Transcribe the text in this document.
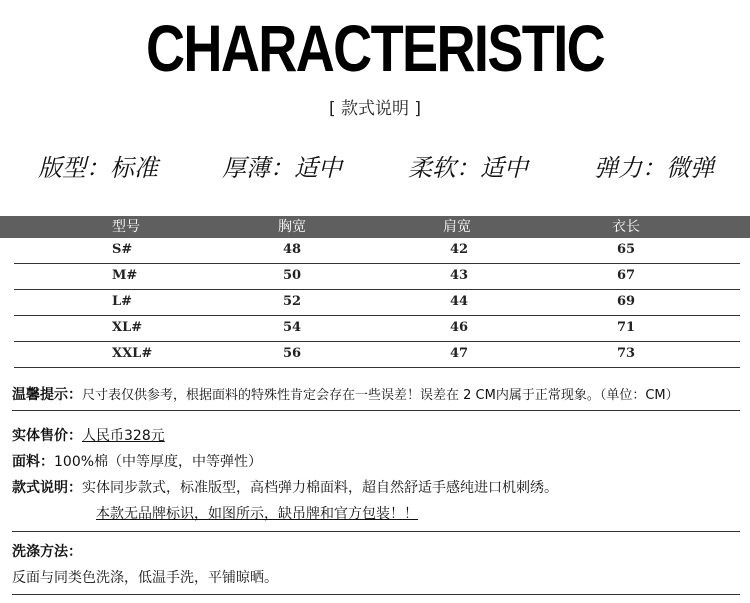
CHARACTERISTIC
[ 款式说明 ]
版型：标准	厚薄：适中	柔软：适中	弹力：微弹
型号	胸宽	肩宽	衣长
S#	48	42	65
M#	50	43	67
L#	52	44	69
XL#	54	46	71
XXL#	56	47	73
温馨提示：尺寸表仅供参考，根据面料的特殊性肯定会存在一些误差！误差在 2 CM内属于正常现象。（单位：CM）
实体售价：人民币328元
面料：100%棉（中等厚度，中等弹性）
款式说明：实体同步款式，标准版型，高档弹力棉面料，超自然舒适手感纯进口机刺绣。
本款无品牌标识，如图所示，缺吊牌和官方包装！！
洗涤方法：
反面与同类色洗涤，低温手洗，平铺晾晒。
